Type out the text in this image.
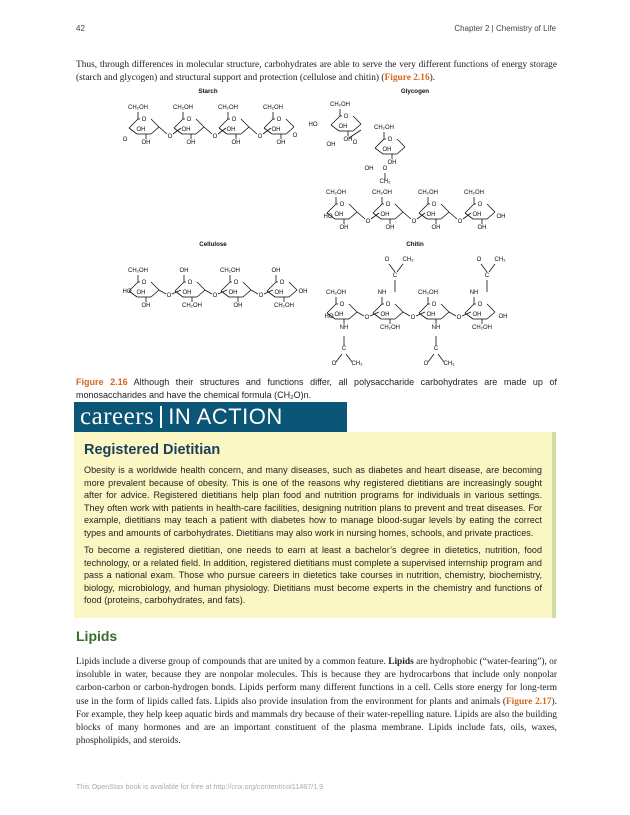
42	Chapter 2 | Chemistry of Life

Thus, through differences in molecular structure, carbohydrates are able to serve the very different functions of energy storage (starch and glycogen) and structural support and protection (cellulose and chitin) (Figure 2.16).

Starch
O
CH₂OH
OH
OH
O
O
CH₂OH
OH
OH
O
O
CH₂OH
OH
OH
O
O
CH₂OH
OH
OH
O
O
Glycogen
O
CH₂OH
OH
OH
HO
OH
O
CH₂OH
OH
OH
O
OH O
CH₂
O
CH₂OH
OH
OH
O
O
CH₂OH
OH
OH
O
O
CH₂OH
OH
OH
O
O
CH₂OH
OH
OH
HO	OH
Cellulose
O
CH₂OH
OH
OH
O
O
OH
OH
CH₂OH
O
O
CH₂OH
OH
OH
O
O
OH
OH
CH₂OH
HO	OH
Chitin
O
CH₂OH
OH
NH
O
O
NH
OH
CH₂OH
O
O
CH₂OH
OH
NH
O
O
NH
OH
CH₂OH
HO	OH
C
O CH₃
C
O CH₃
C
O	CH₃
C
O	CH₃

Figure 2.16 Although their structures and functions differ, all polysaccharide carbohydrates are made up of monosaccharides and have the chemical formula (CH₂O)n.

careers IN ACTION
Registered Dietitian

Obesity is a worldwide health concern, and many diseases, such as diabetes and heart disease, are becoming more prevalent because of obesity. This is one of the reasons why registered dietitians are increasingly sought after for advice. Registered dietitians help plan food and nutrition programs for individuals in various settings. They often work with patients in health-care facilities, designing nutrition plans to prevent and treat diseases. For example, dietitians may teach a patient with diabetes how to manage blood-sugar levels by eating the correct types and amounts of carbohydrates. Dietitians may also work in nursing homes, schools, and private practices.

To become a registered dietitian, one needs to earn at least a bachelor’s degree in dietetics, nutrition, food technology, or a related field. In addition, registered dietitians must complete a supervised internship program and pass a national exam. Those who pursue careers in dietetics take courses in nutrition, chemistry, biochemistry, biology, microbiology, and human physiology. Dietitians must become experts in the chemistry and functions of food (proteins, carbohydrates, and fats).

Lipids

Lipids include a diverse group of compounds that are united by a common feature. Lipids are hydrophobic (“water-fearing”), or insoluble in water, because they are nonpolar molecules. This is because they are hydrocarbons that include only nonpolar carbon-carbon or carbon-hydrogen bonds. Lipids perform many different functions in a cell. Cells store energy for long-term use in the form of lipids called fats. Lipids also provide insulation from the environment for plants and animals (Figure 2.17). For example, they help keep aquatic birds and mammals dry because of their water-repelling nature. Lipids are also the building blocks of many hormones and are an important constituent of the plasma membrane. Lipids include fats, oils, waxes, phospholipids, and steroids.

This OpenStax book is available for free at http://cnx.org/content/col11487/1.9
